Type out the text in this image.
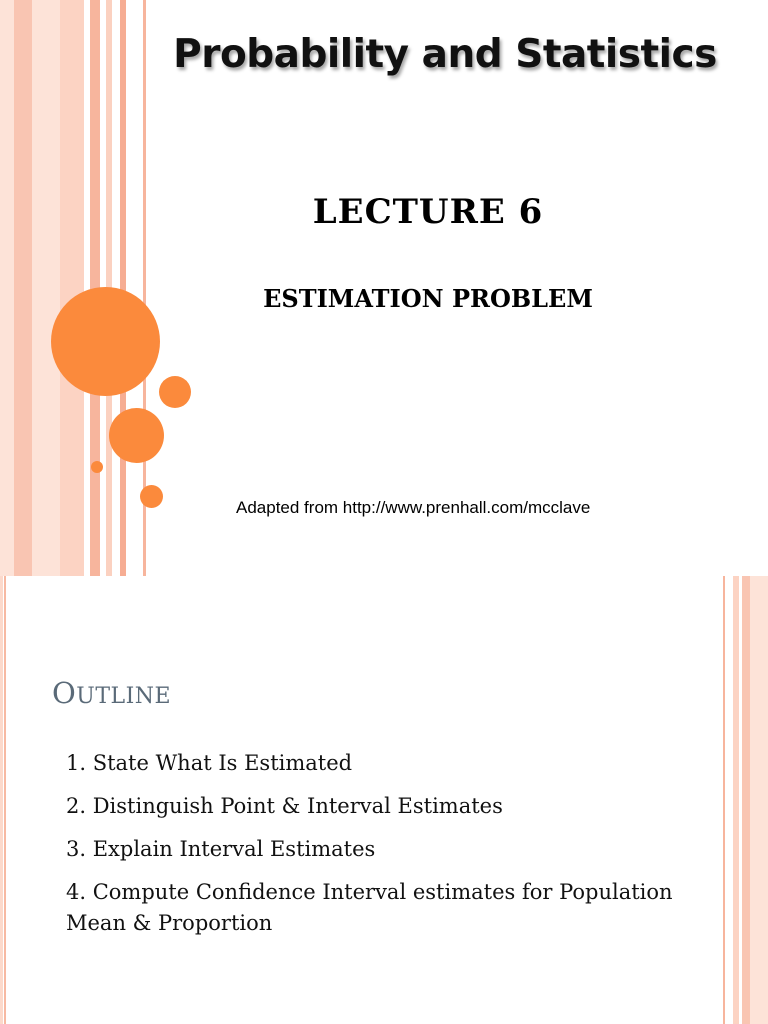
Probability and Statistics
LECTURE 6
ESTIMATION PROBLEM
Adapted from http://www.prenhall.com/mcclave
OUTLINE
1. State What Is Estimated
2. Distinguish Point & Interval Estimates
3. Explain Interval Estimates
4. Compute Confidence Interval estimates for Population Mean & Proportion
